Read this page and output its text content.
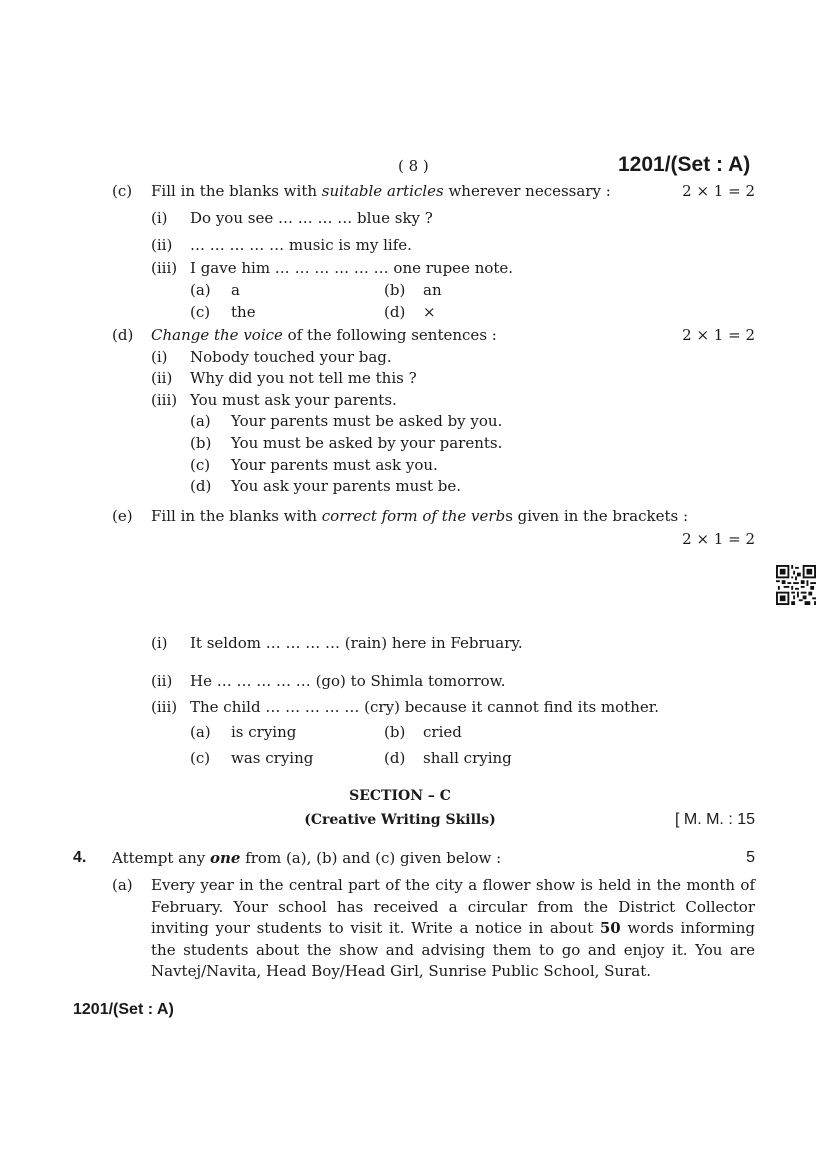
( 8 )	1201/(Set : A)
(c) Fill in the blanks with suitable articles wherever necessary :	2 × 1 = 2
(i) Do you see … … … … blue sky ?
(ii) … … … … … music is my life.
(iii) I gave him … … … … … … one rupee note.
(a) a	(b) an
(c) the	(d) ×
(d) Change the voice of the following sentences :	2 × 1 = 2
(i) Nobody touched your bag.
(ii) Why did you not tell me this ?
(iii) You must ask your parents.
(a) Your parents must be asked by you.
(b) You must be asked by your parents.
(c) Your parents must ask you.
(d) You ask your parents must be.
(e) Fill in the blanks with correct form of the verbs given in the brackets :
2 × 1 = 2
(i) It seldom … … … … (rain) here in February.
(ii) He … … … … … (go) to Shimla tomorrow.
(iii) The child … … … … … (cry) because it cannot find its mother.
(a) is crying	(b) cried
(c) was crying	(d) shall crying
SECTION – C
(Creative Writing Skills)	[ M. M. : 15
4. Attempt any one from (a), (b) and (c) given below :	5
(a) Every year in the central part of the city a flower show is held in the month of February. Your school has received a circular from the District Collector inviting your students to visit it. Write a notice in about 50 words informing the students about the show and advising them to go and enjoy it. You are Navtej/Navita, Head Boy/Head Girl, Sunrise Public School, Surat.
1201/(Set : A)
